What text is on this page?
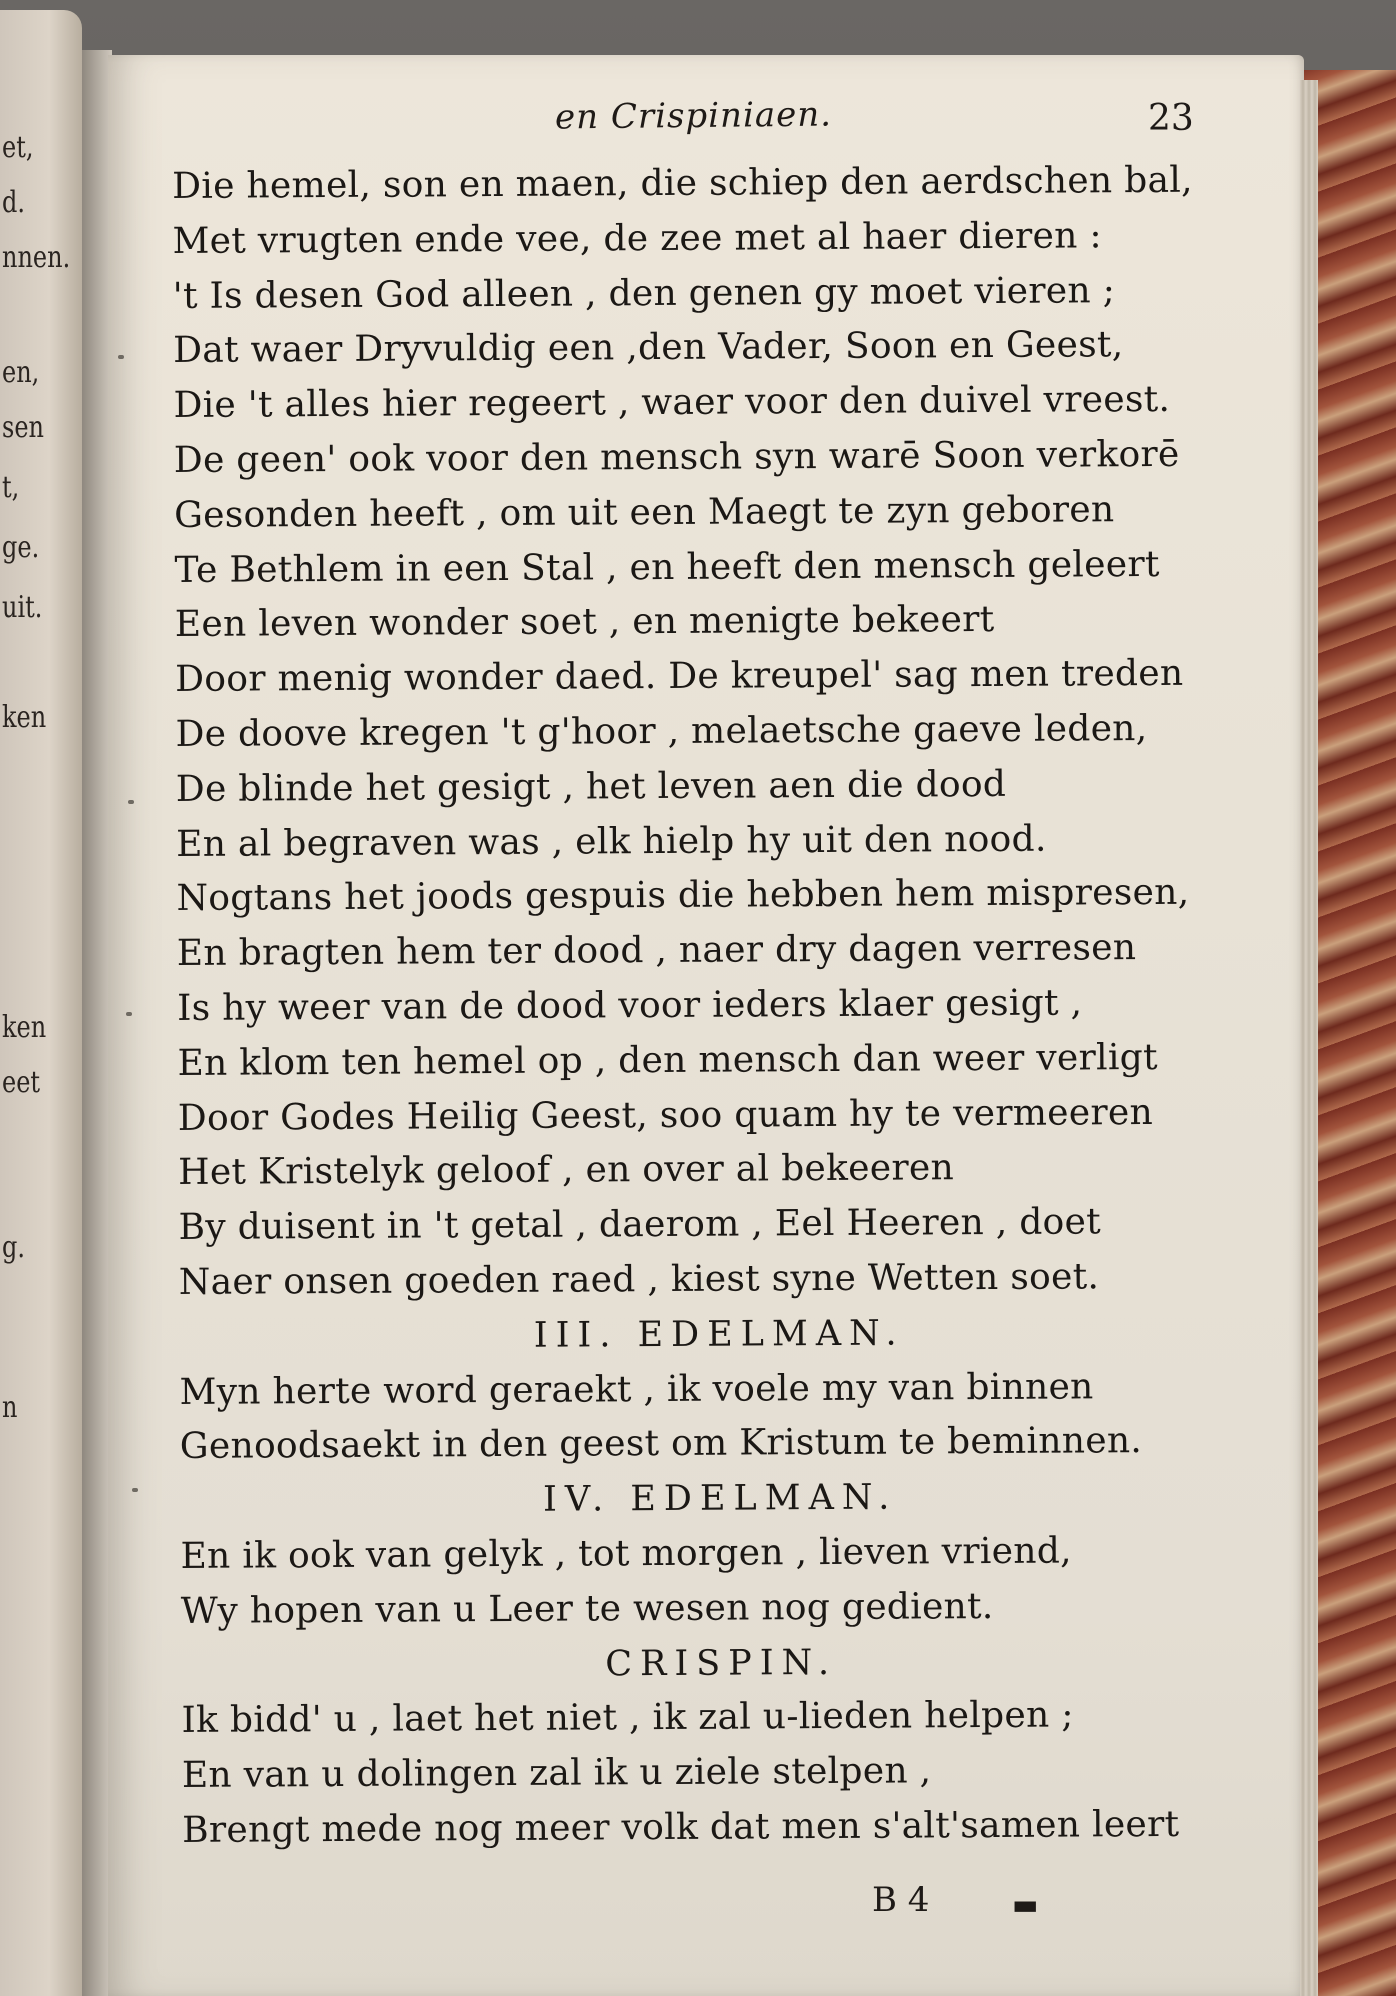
et,
d.
nnen.
en,
sen
t,
ge.
uit.
ken
ken
eet
g.
n
en Crispiniaen.	23
Die hemel, son en maen, die schiep den aerdschen bal,
Met vrugten ende vee, de zee met al haer dieren :
't Is desen God alleen , den genen gy moet vieren ;
Dat waer Dryvuldig een ,den Vader, Soon en Geest,
Die 't alles hier regeert , waer voor den duivel vreest.
De geen' ook voor den mensch syn warē Soon verkorē
Gesonden heeft , om uit een Maegt te zyn geboren
Te Bethlem in een Stal , en heeft den mensch geleert
Een leven wonder soet , en menigte bekeert
Door menig wonder daed. De kreupel' sag men treden
De doove kregen 't g'hoor , melaetsche gaeve leden,
De blinde het gesigt , het leven aen die dood
En al begraven was , elk hielp hy uit den nood.
Nogtans het joods gespuis die hebben hem mispresen,
En bragten hem ter dood , naer dry dagen verresen
Is hy weer van de dood voor ieders klaer gesigt ,
En klom ten hemel op , den mensch dan weer verligt
Door Godes Heilig Geest, soo quam hy te vermeeren
Het Kristelyk geloof , en over al bekeeren
By duisent in 't getal , daerom , Eel Heeren , doet
Naer onsen goeden raed , kiest syne Wetten soet.
III. EDELMAN.
Myn herte word geraekt , ik voele my van binnen
Genoodsaekt in den geest om Kristum te beminnen.
IV. EDELMAN.
En ik ook van gelyk , tot morgen , lieven vriend,
Wy hopen van u Leer te wesen nog gedient.
CRISPIN.
Ik bidd' u , laet het niet , ik zal u-lieden helpen ;
En van u dolingen zal ik u ziele stelpen ,
Brengt mede nog meer volk dat men s'alt'samen leert
B 4	▬
